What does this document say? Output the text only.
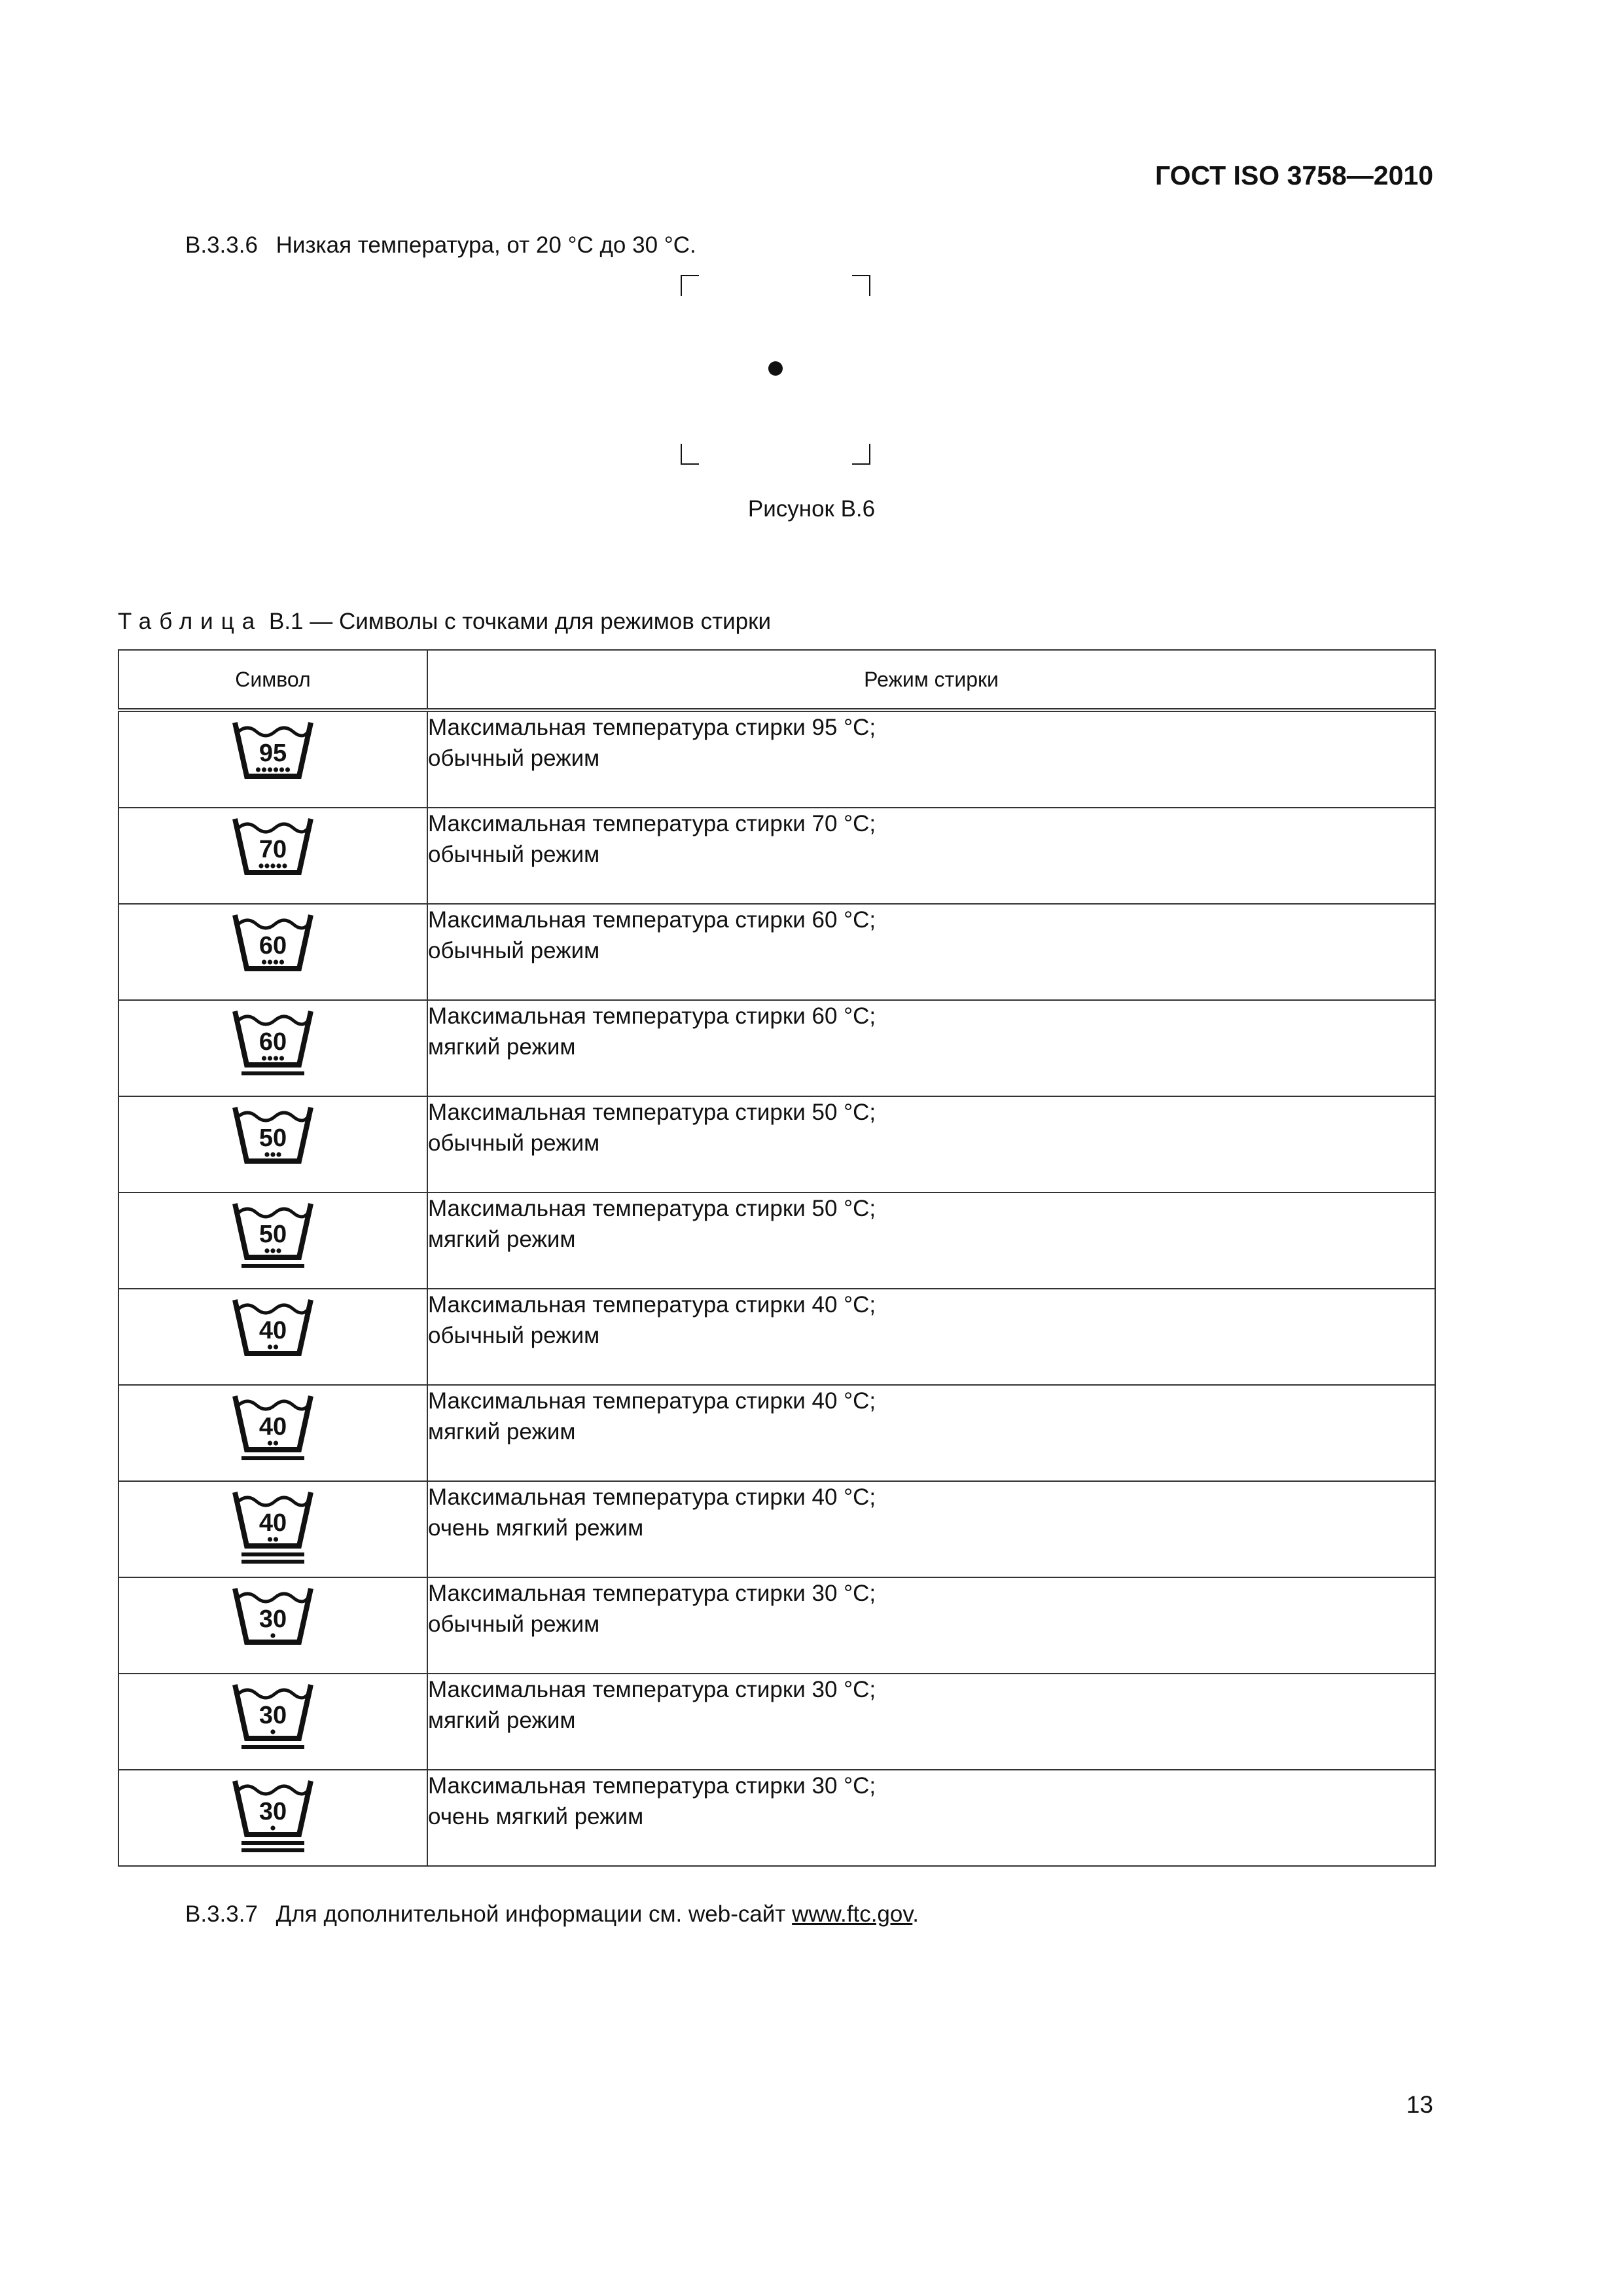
ГОСТ ISO 3758—2010
В.3.3.6 Низкая температура, от 20 °С до 30 °С.
Рисунок В.6
Таблица В.1 — Символы с точками для режимов стирки
Символ	Режим стирки

95	Максимальная температура стирки 95 °С;
обычный режим

70	Максимальная температура стирки 70 °С;
обычный режим

60	Максимальная температура стирки 60 °С;
обычный режим

60	Максимальная температура стирки 60 °С;
мягкий режим

50	Максимальная температура стирки 50 °С;
обычный режим

50	Максимальная температура стирки 50 °С;
мягкий режим

40	Максимальная температура стирки 40 °С;
обычный режим

40	Максимальная температура стирки 40 °С;
мягкий режим

40	Максимальная температура стирки 40 °С;
очень мягкий режим

30	Максимальная температура стирки 30 °С;
обычный режим

30	Максимальная температура стирки 30 °С;
мягкий режим

30	Максимальная температура стирки 30 °С;
очень мягкий режим
В.3.3.7 Для дополнительной информации см. web-сайт www.ftc.gov.
13
